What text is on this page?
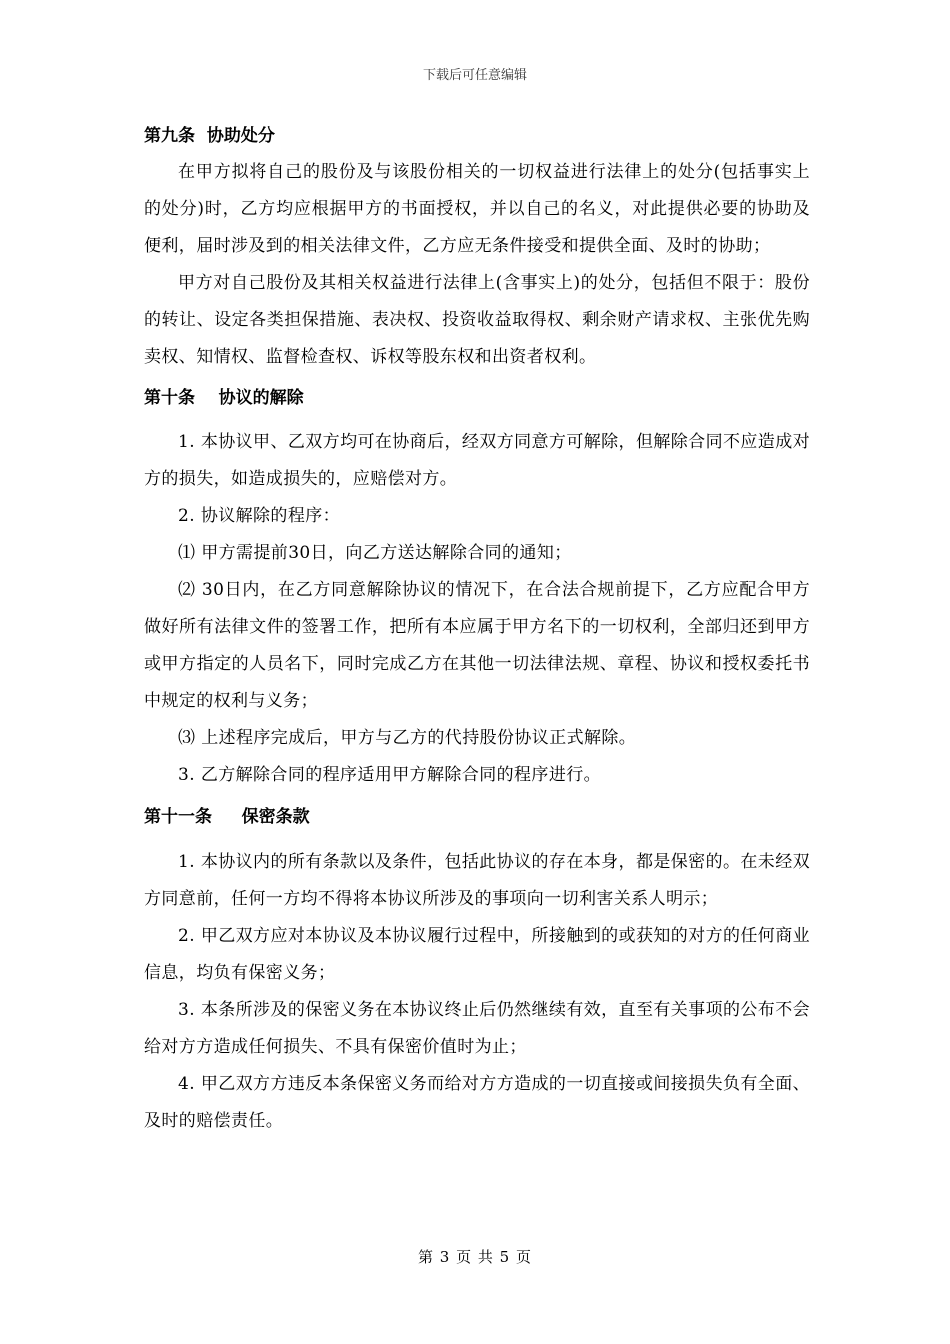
下载后可任意编辑
第九条  协助处分

在甲方拟将自己的股份及与该股份相关的一切权益进行法律上的处分(包括事实上的处分)时，乙方均应根据甲方的书面授权，并以自己的名义，对此提供必要的协助及便利，届时涉及到的相关法律文件，乙方应无条件接受和提供全面、及时的协助；

甲方对自己股份及其相关权益进行法律上(含事实上)的处分，包括但不限于：股份的转让、设定各类担保措施、表决权、投资收益取得权、剩余财产请求权、主张优先购卖权、知情权、监督检查权、诉权等股东权和出资者权利。

第十条    协议的解除

1. 本协议甲、乙双方均可在协商后，经双方同意方可解除，但解除合同不应造成对方的损失，如造成损失的，应赔偿对方。

2. 协议解除的程序：

⑴ 甲方需提前30日，向乙方送达解除合同的通知；

⑵ 30日内，在乙方同意解除协议的情况下，在合法合规前提下，乙方应配合甲方做好所有法律文件的签署工作，把所有本应属于甲方名下的一切权利，全部归还到甲方或甲方指定的人员名下，同时完成乙方在其他一切法律法规、章程、协议和授权委托书中规定的权利与义务；

⑶ 上述程序完成后，甲方与乙方的代持股份协议正式解除。

3. 乙方解除合同的程序适用甲方解除合同的程序进行。

第十一条     保密条款

1. 本协议内的所有条款以及条件，包括此协议的存在本身，都是保密的。在未经双方同意前，任何一方均不得将本协议所涉及的事项向一切利害关系人明示；

2. 甲乙双方应对本协议及本协议履行过程中，所接触到的或获知的对方的任何商业信息，均负有保密义务；

3. 本条所涉及的保密义务在本协议终止后仍然继续有效，直至有关事项的公布不会给对方方造成任何损失、不具有保密价值时为止；

4. 甲乙双方方违反本条保密义务而给对方方造成的一切直接或间接损失负有全面、及时的赔偿责任。

第 3 页 共 5 页
